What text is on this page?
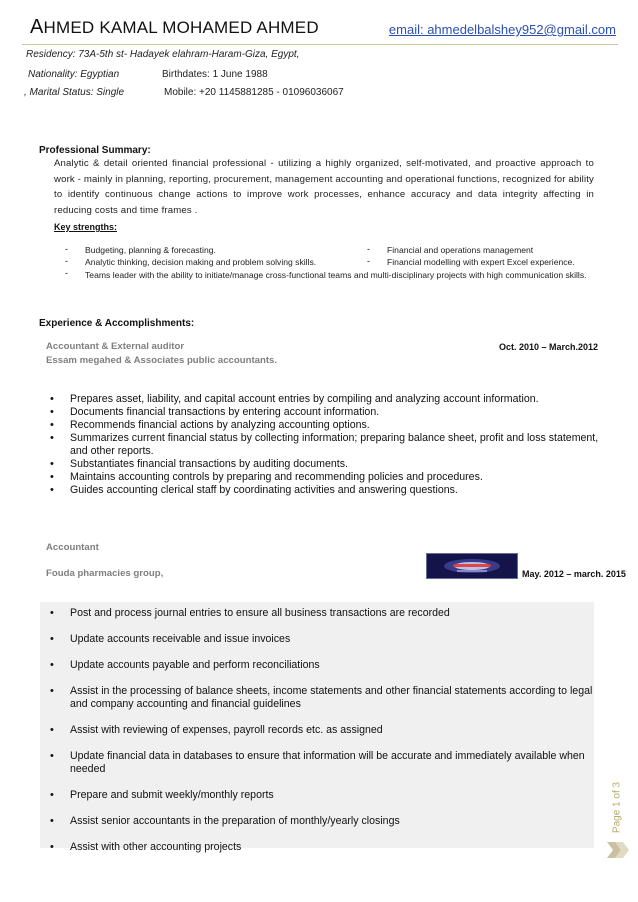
AHMED KAMAL MOHAMED AHMED	email: ahmedelbalshey952@gmail.com
Residency: 73A-5th st- Hadayek elahram-Haram-Giza, Egypt,
Nationality: Egyptian	Birthdates: 1 June 1988
, Marital Status: Single	Mobile: +20 1145881285 - 01096036067
Professional Summary:
Analytic & detail oriented financial professional - utilizing a highly organized, self-motivated, and proactive approach to work - mainly in planning, reporting, procurement, management accounting and operational functions, recognized for ability to identify continuous change actions to improve work processes, enhance accuracy and data integrity affecting in reducing costs and time frames .
Key strengths:
- Budgeting, planning & forecasting.	- Financial and operations management
- Analytic thinking, decision making and problem solving skills.	- Financial modelling with expert Excel experience.
- Teams leader with the ability to initiate/manage cross-functional teams and multi-disciplinary projects with high communication skills.
Experience & Accomplishments:
Accountant & External auditor	Oct. 2010 – March.2012
Essam megahed & Associates public accountants.
• Prepares asset, liability, and capital account entries by compiling and analyzing account information.
• Documents financial transactions by entering account information.
• Recommends financial actions by analyzing accounting options.
• Summarizes current financial status by collecting information; preparing balance sheet, profit and loss statement, and other reports.
• Substantiates financial transactions by auditing documents.
• Maintains accounting controls by preparing and recommending policies and procedures.
• Guides accounting clerical staff by coordinating activities and answering questions.
Accountant
Fouda pharmacies group,	May. 2012 – march. 2015
• Post and process journal entries to ensure all business transactions are recorded
• Update accounts receivable and issue invoices
• Update accounts payable and perform reconciliations
• Assist in the processing of balance sheets, income statements and other financial statements according to legal and company accounting and financial guidelines
• Assist with reviewing of expenses, payroll records etc. as assigned
• Update financial data in databases to ensure that information will be accurate and immediately available when needed
• Prepare and submit weekly/monthly reports
• Assist senior accountants in the preparation of monthly/yearly closings
• Assist with other accounting projects
Page 1 of 3
